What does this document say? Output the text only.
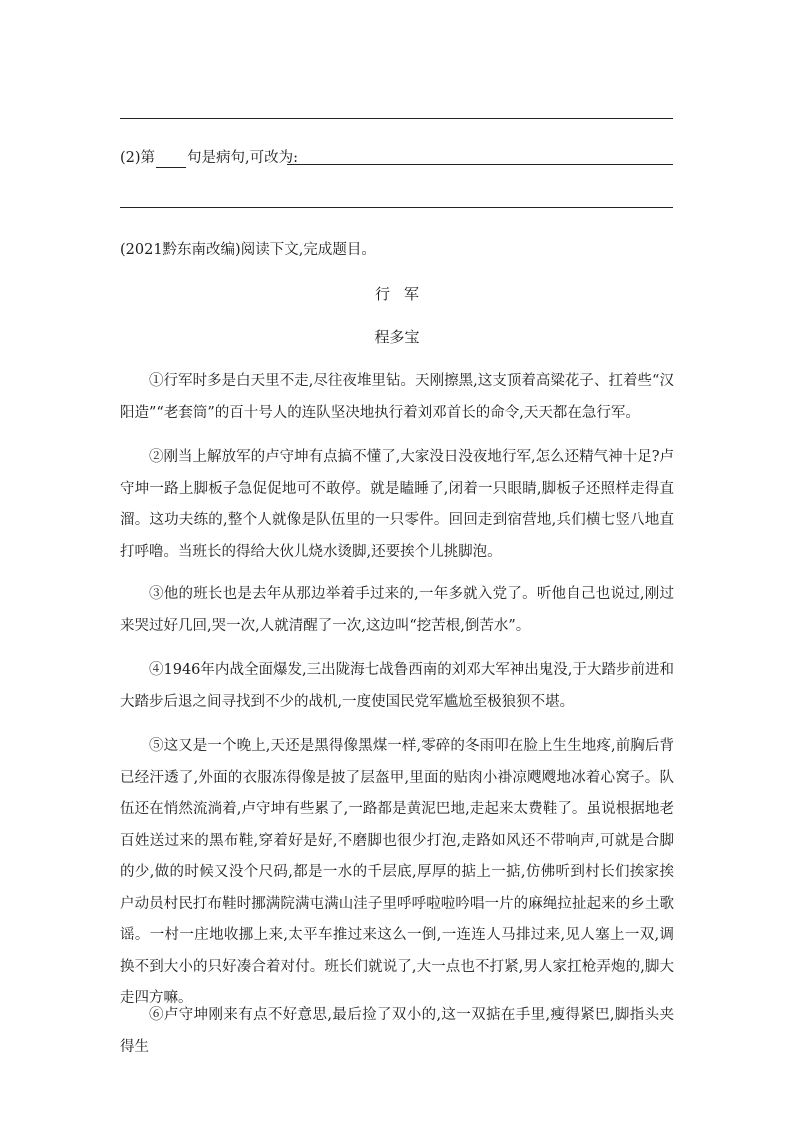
(2)第 句是病句,可改为:
(2021黔东南改编)阅读下文,完成题目。
行军
程多宝

①行军时多是白天里不走,尽往夜堆里钻。天刚擦黑,这支顶着高粱花子、扛着些“汉阳造”“老套筒”的百十号人的连队坚决地执行着刘邓首长的命令,天天都在急行军。

②刚当上解放军的卢守坤有点搞不懂了,大家没日没夜地行军,怎么还精气神十足?卢守坤一路上脚板子急促促地可不敢停。就是瞌睡了,闭着一只眼睛,脚板子还照样走得直溜。这功夫练的,整个人就像是队伍里的一只零件。回回走到宿营地,兵们横七竖八地直打呼噜。当班长的得给大伙儿烧水烫脚,还要挨个儿挑脚泡。

③他的班长也是去年从那边举着手过来的,一年多就入党了。听他自己也说过,刚过来哭过好几回,哭一次,人就清醒了一次,这边叫“挖苦根,倒苦水”。

④1946年内战全面爆发,三出陇海七战鲁西南的刘邓大军神出鬼没,于大踏步前进和大踏步后退之间寻找到不少的战机,一度使国民党军尴尬至极狼狈不堪。

⑤这又是一个晚上,天还是黑得像黑煤一样,零碎的冬雨叩在脸上生生地疼,前胸后背已经汗透了,外面的衣服冻得像是披了层盔甲,里面的贴肉小褂凉飕飕地冰着心窝子。队伍还在悄然流淌着,卢守坤有些累了,一路都是黄泥巴地,走起来太费鞋了。虽说根据地老百姓送过来的黑布鞋,穿着好是好,不磨脚也很少打泡,走路如风还不带响声,可就是合脚的少,做的时候又没个尺码,都是一水的千层底,厚厚的掂上一掂,仿佛听到村长们挨家挨户动员村民打布鞋时挪满院满屯满山洼子里呼呼啦啦吟唱一片的麻绳拉扯起来的乡土歌谣。一村一庄地收挪上来,太平车推过来这么一倒,一连连人马排过来,见人塞上一双,调换不到大小的只好凑合着对付。班长们就说了,大一点也不打紧,男人家扛枪弄炮的,脚大走四方嘛。

⑥卢守坤刚来有点不好意思,最后捡了双小的,这一双掂在手里,瘦得紧巴,脚指头夹得生
